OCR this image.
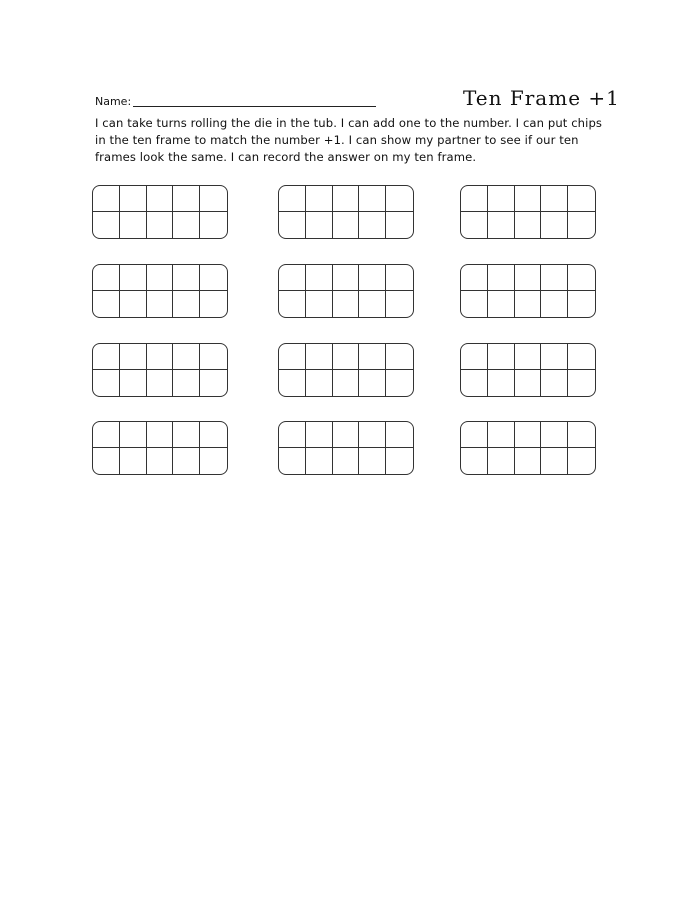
Name:	Ten Frame +1
I can take turns rolling the die in the tub. I can add one to the number. I can put chips in the ten frame to match the number +1. I can show my partner to see if our ten frames look the same. I can record the answer on my ten frame.
